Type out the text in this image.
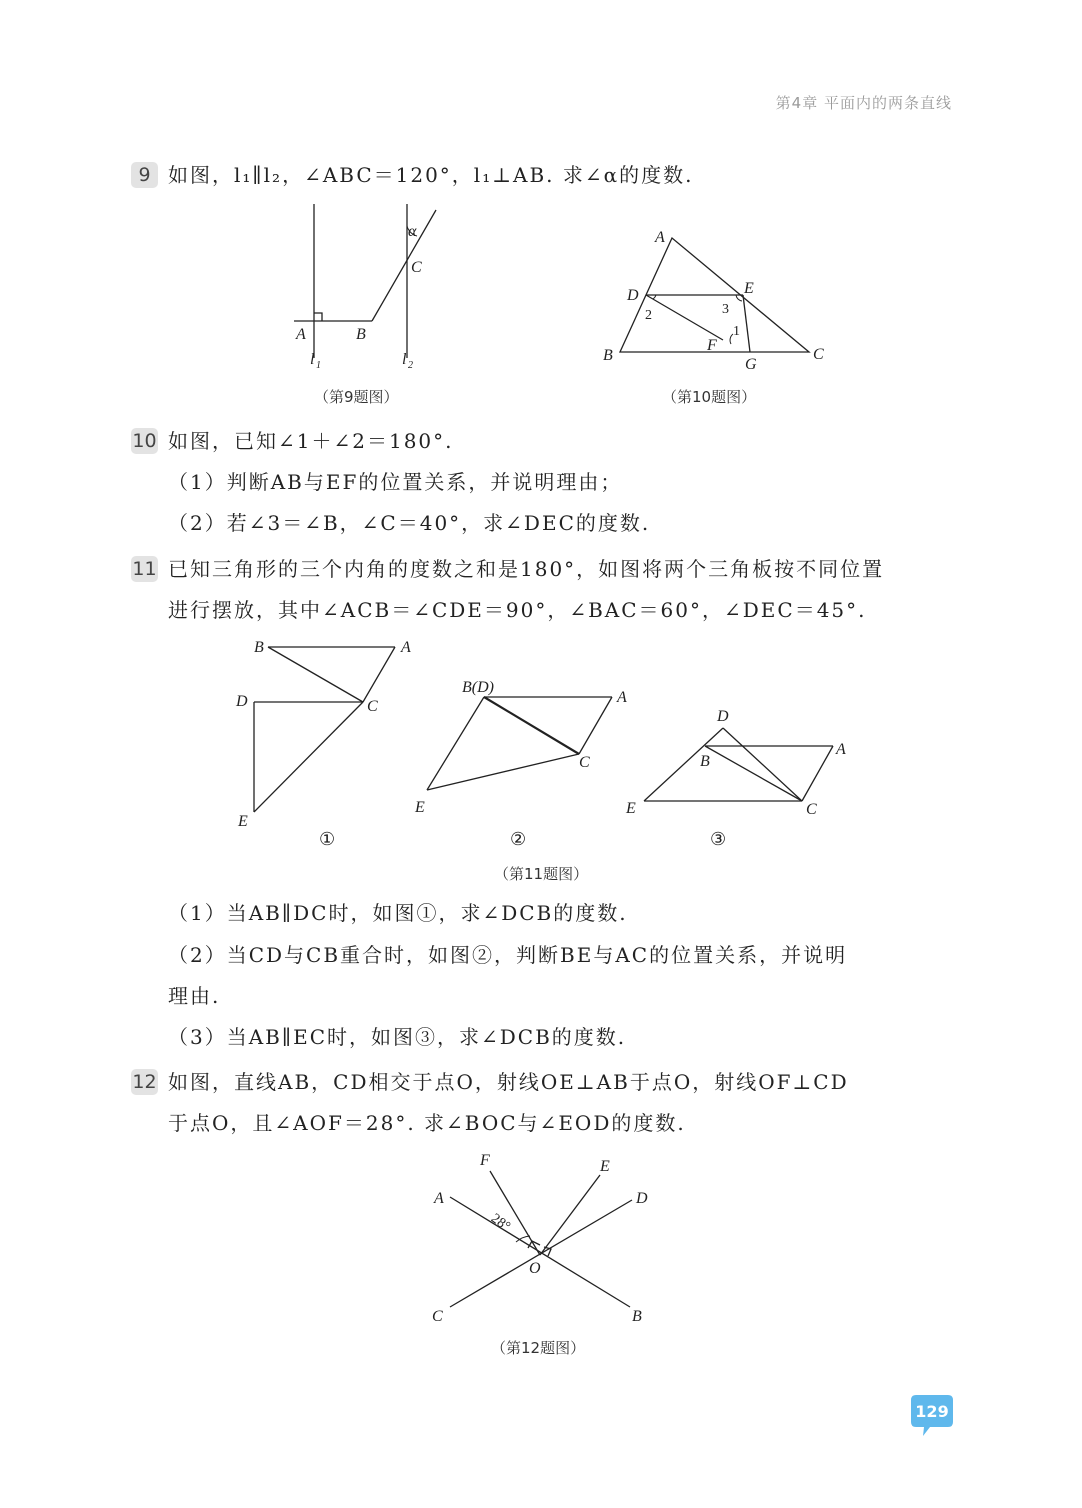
第4章 平面内的两条直线
9 如图，l₁∥l₂，∠ABC＝120°，l₁⊥AB. 求∠α的度数.
α
C
A	B
l 1	l 2
（第9题图）
A
D	E
B	C
F
G
1
2	3
（第10题图）
10 如图，已知∠1＋∠2＝180°.
（1）判断AB与EF的位置关系，并说明理由；
（2）若∠3＝∠B，∠C＝40°，求∠DEC的度数.
11 已知三角形的三个内角的度数之和是180°，如图将两个三角板按不同位置
进行摆放，其中∠ACB＝∠CDE＝90°，∠BAC＝60°，∠DEC＝45°.
B	A
D	C
E
①
B(D)
A
C
E
②
D
B
A
E	C
③
（第11题图）
（1）当AB∥DC时，如图①，求∠DCB的度数.
（2）当CD与CB重合时，如图②，判断BE与AC的位置关系，并说明
理由.
（3）当AB∥EC时，如图③，求∠DCB的度数.
12 如图，直线AB，CD相交于点O，射线OE⊥AB于点O，射线OF⊥CD
于点O，且∠AOF＝28°. 求∠BOC与∠EOD的度数.
F	E
A	D
O
C	B
28°
（第12题图）
129
